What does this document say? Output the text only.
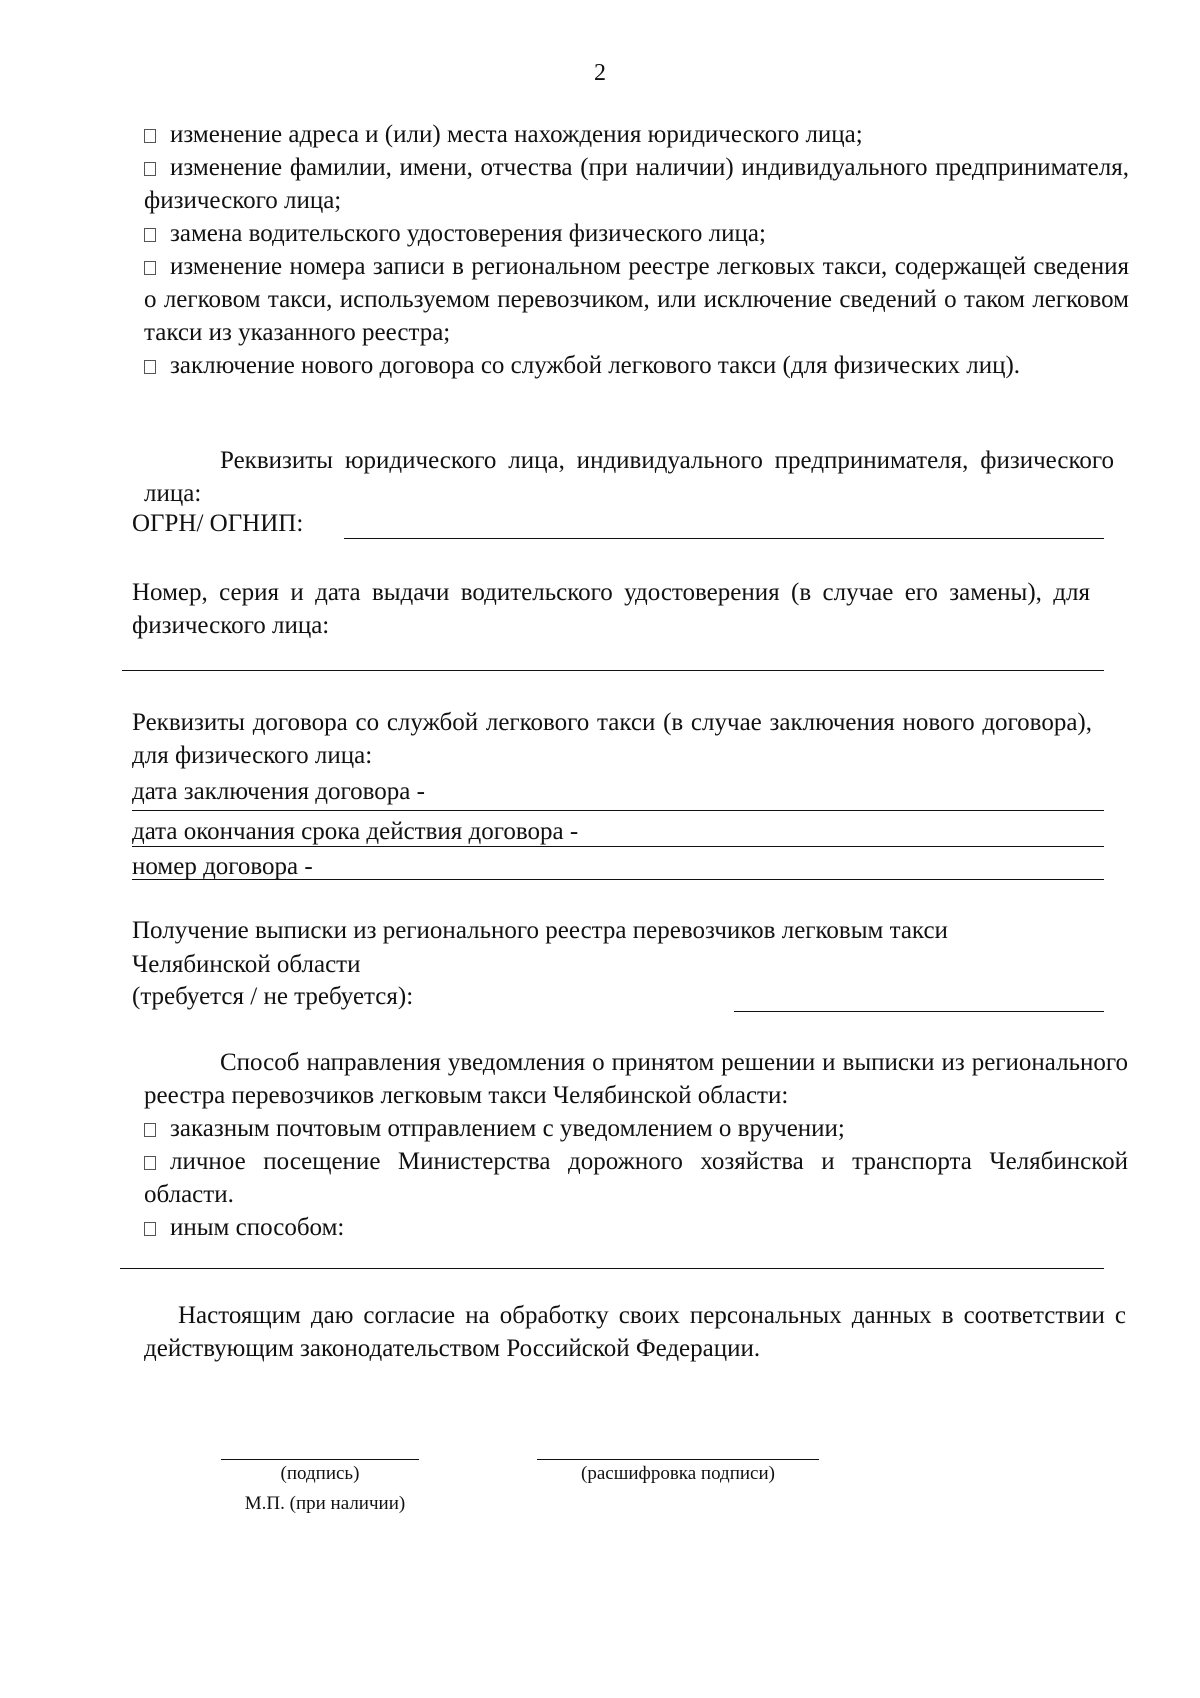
2

изменение адреса и (или) места нахождения юридического лица;

изменение фамилии, имени, отчества (при наличии) индивидуального предпринимателя, физического лица;

замена водительского удостоверения физического лица;

изменение номера записи в региональном реестре легковых такси, содержащей сведения о легковом такси, используемом перевозчиком, или исключение сведений о таком легковом такси из указанного реестра;

заключение нового договора со службой легкового такси (для физических лиц).

Реквизиты юридического лица, индивидуального предпринимателя, физического лица:
ОГРН/ ОГНИП:
Номер, серия и дата выдачи водительского удостоверения (в случае его замены), для физического лица:
Реквизиты договора со службой легкового такси (в случае заключения нового договора), для физического лица:
дата заключения договора -
дата окончания срока действия договора -
номер договора -
Получение выписки из регионального реестра перевозчиков легковым такси
Челябинской области
(требуется / не требуется):
Способ направления уведомления о принятом решении и выписки из регионального реестра перевозчиков легковым такси Челябинской области:

заказным почтовым отправлением с уведомлением о вручении;

личное посещение Министерства дорожного хозяйства и транспорта Челябинской области.

иным способом:

Настоящим даю согласие на обработку своих персональных данных в соответствии с действующим законодательством Российской Федерации.
(подпись)	(расшифровка подписи)
М.П. (при наличии)
